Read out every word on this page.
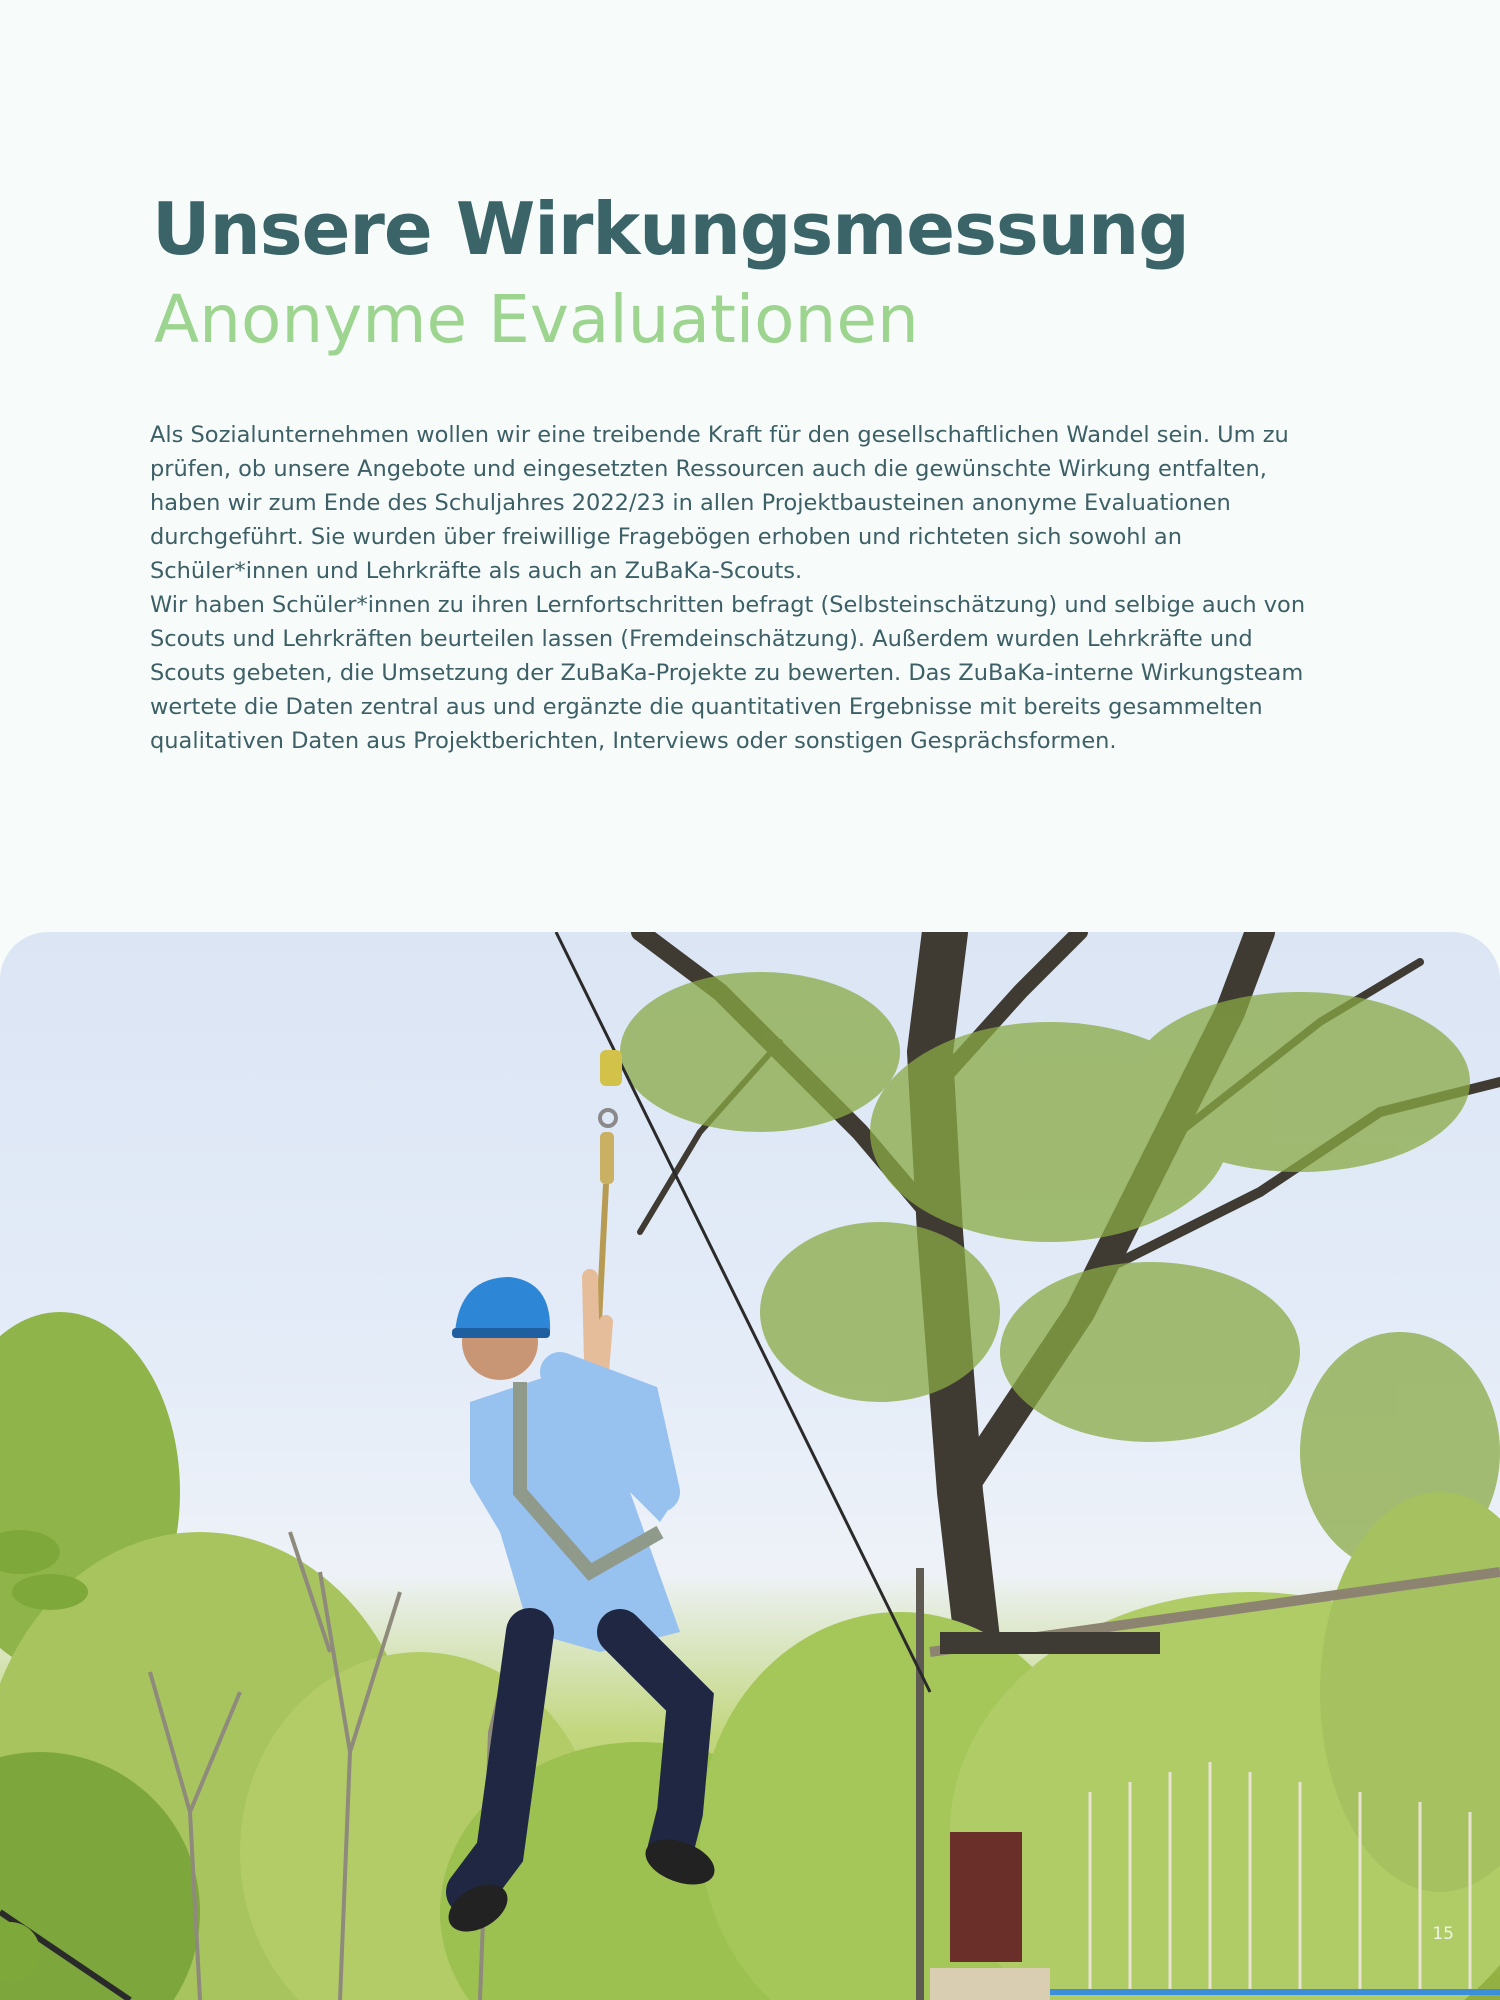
Unsere Wirkungsmessung
Anonyme Evaluationen

Als Sozialunternehmen wollen wir eine treibende Kraft für den gesellschaftlichen Wandel sein. Um zu prüfen, ob unsere Angebote und eingesetzten Ressourcen auch die gewünschte Wirkung entfalten, haben wir zum Ende des Schuljahres 2022/23 in allen Projektbausteinen anonyme Evaluationen durchgeführt. Sie wurden über freiwillige Fragebögen erhoben und richteten sich sowohl an Schüler*innen und Lehrkräfte als auch an ZuBaKa-Scouts.

Wir haben Schüler*innen zu ihren Lernfortschritten befragt (Selbsteinschätzung) und selbige auch von Scouts und Lehrkräften beurteilen lassen (Fremdeinschätzung). Außerdem wurden Lehrkräfte und Scouts gebeten, die Umsetzung der ZuBaKa-Projekte zu bewerten. Das ZuBaKa-interne Wirkungsteam wertete die Daten zentral aus und ergänzte die quantitativen Ergebnisse mit bereits gesammelten qualitativen Daten aus Projektberichten, Interviews oder sonstigen Gesprächsformen.

15
